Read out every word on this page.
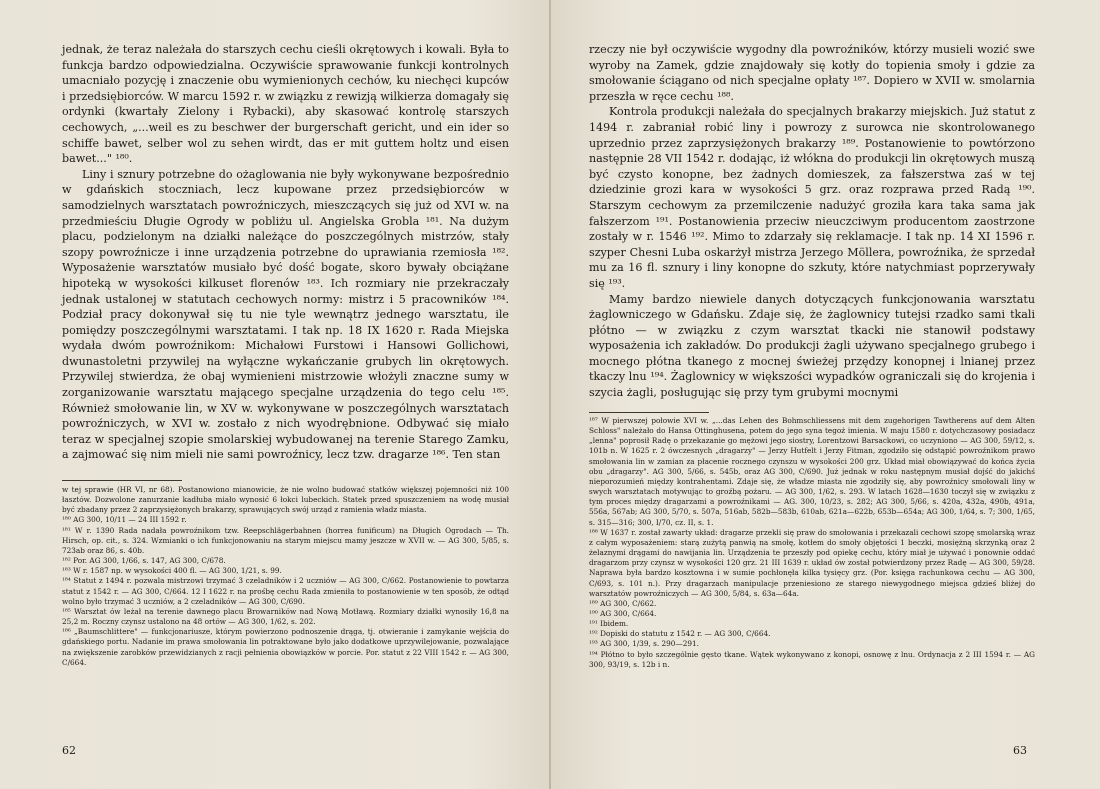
jednak, że teraz należała do starszych cechu cieśli okrętowych i kowali. Była to funkcja bardzo odpowiedzialna. Oczywiście sprawowanie funkcji kontrolnych umacniało pozycję i znaczenie obu wymienionych cechów, ku niechęci kupców i przedsiębiorców. W marcu 1592 r. w związku z rewizją wilkierza domagały się ordynki (kwartały Zielony i Rybacki), aby skasować kontrolę starszych cechowych, „...weil es zu beschwer der burgerschaft gericht, und ein ider so schiffe bawet, selber wol zu sehen wirdt, das er mit guttem holtz und eisen bawet..." ¹⁸⁰.

Liny i sznury potrzebne do ożaglowania nie były wykonywane bezpośrednio w gdańskich stoczniach, lecz kupowane przez przedsiębiorców w samodzielnych warsztatach powroźniczych, mieszczących się już od XVI w. na przedmieściu Długie Ogrody w pobliżu ul. Angielska Grobla ¹⁸¹. Na dużym placu, podzielonym na działki należące do poszczególnych mistrzów, stały szopy powroźnicze i inne urządzenia potrzebne do uprawiania rzemiosła ¹⁸². Wyposażenie warsztatów musiało być dość bogate, skoro bywały obciążane hipoteką w wysokości kilkuset florenów ¹⁸³. Ich rozmiary nie przekraczały jednak ustalonej w statutach cechowych normy: mistrz i 5 pracowników ¹⁸⁴. Podział pracy dokonywał się tu nie tyle wewnątrz jednego warsztatu, ile pomiędzy poszczególnymi warsztatami. I tak np. 18 IX 1620 r. Rada Miejska wydała dwóm powroźnikom: Michałowi Furstowi i Hansowi Gollichowi, dwunastoletni przywilej na wyłączne wykańczanie grubych lin okrętowych. Przywilej stwierdza, że obaj wymienieni mistrzowie włożyli znaczne sumy w zorganizowanie warsztatu mającego specjalne urządzenia do tego celu ¹⁸⁵. Również smołowanie lin, w XV w. wykonywane w poszczególnych warsztatach powroźniczych, w XVI w. zostało z nich wyodrębnione. Odbywać się miało teraz w specjalnej szopie smolarskiej wybudowanej na terenie Starego Zamku, a zajmować się nim mieli nie sami powroźnicy, lecz tzw. dragarze ¹⁸⁶. Ten stan

w tej sprawie (HR VI, nr 68). Postanowiono mianowicie, że nie wolno budować statków większej pojemności niż 100 łasztów. Dozwolone zanurzanie kadłuba miało wynosić 6 łokci lubeckich. Statek przed spuszczeniem na wodę musiał być zbadany przez 2 zaprzysiężonych brakarzy, sprawujących swój urząd z ramienia władz miasta.

¹⁸⁰ AG 300, 10/11 — 24 III 1592 r.

¹⁸¹ W r. 1390 Rada nadała powroźnikom tzw. Reepschlägerbahnen (horrea funificum) na Długich Ogrodach — Th. Hirsch, op. cit., s. 324. Wzmianki o ich funkcjonowaniu na starym miejscu mamy jeszcze w XVII w. — AG 300, 5/85, s. 723ab oraz 86, s. 40b.

¹⁸² Por. AG 300, 1/66, s. 147, AG 300, C/678.

¹⁸³ W r. 1587 np. w wysokości 400 fl. — AG 300, 1/21, s. 99.

¹⁸⁴ Statut z 1494 r. pozwala mistrzowi trzymać 3 czeladników i 2 uczniów — AG 300, C/662. Postanowienie to powtarza statut z 1542 r. — AG 300, C/664. 12 I 1622 r. na prośbę cechu Rada zmieniła to postanowienie w ten sposób, że odtąd wolno było trzymać 3 uczniów, a 2 czeladników — AG 300, C/690.

¹⁸⁵ Warsztat ów leżał na terenie dawnego placu Browarników nad Nową Motławą. Rozmiary działki wynosiły 16,8 na 25,2 m. Roczny czynsz ustalono na 48 ortów — AG 300, 1/62, s. 202.

¹⁸⁶ „Baumschlittere" — funkcjonariusze, którym powierzono podnoszenie drąga, tj. otwieranie i zamykanie wejścia do gdańskiego portu. Nadanie im prawa smołowania lin potraktowane było jako dodatkowe uprzywilejowanie, pozwalające na zwiększenie zarobków przewidzianych z racji pełnienia obowiązków w porcie. Por. statut z 22 VIII 1542 r. — AG 300, C/664.

62

rzeczy nie był oczywiście wygodny dla powroźników, którzy musieli wozić swe wyroby na Zamek, gdzie znajdowały się kotły do topienia smoły i gdzie za smołowanie ściągano od nich specjalne opłaty ¹⁸⁷. Dopiero w XVII w. smolarnia przeszła w ręce cechu ¹⁸⁸.

Kontrola produkcji należała do specjalnych brakarzy miejskich. Już statut z 1494 r. zabraniał robić liny i powrozy z surowca nie skontrolowanego uprzednio przez zaprzysiężonych brakarzy ¹⁸⁹. Postanowienie to powtórzono następnie 28 VII 1542 r. dodając, iż włókna do produkcji lin okrętowych muszą być czysto konopne, bez żadnych domieszek, za fałszerstwa zaś w tej dziedzinie grozi kara w wysokości 5 grz. oraz rozprawa przed Radą ¹⁹⁰. Starszym cechowym za przemilczenie nadużyć groziła kara taka sama jak fałszerzom ¹⁹¹. Postanowienia przeciw nieuczciwym producentom zaostrzone zostały w r. 1546 ¹⁹². Mimo to zdarzały się reklamacje. I tak np. 14 XI 1596 r. szyper Chesni Luba oskarżył mistrza Jerzego Möllera, powroźnika, że sprzedał mu za 16 fl. sznury i liny konopne do szkuty, które natychmiast poprzerywały się ¹⁹³.

Mamy bardzo niewiele danych dotyczących funkcjonowania warsztatu żaglowniczego w Gdańsku. Zdaje się, że żaglownicy tutejsi rzadko sami tkali płótno — w związku z czym warsztat tkacki nie stanowił podstawy wyposażenia ich zakładów. Do produkcji żagli używano specjalnego grubego i mocnego płótna tkanego z mocnej świeżej przędzy konopnej i lnianej przez tkaczy lnu ¹⁹⁴. Żaglownicy w większości wypadków ograniczali się do krojenia i szycia żagli, posługując się przy tym grubymi mocnymi

¹⁸⁷ W pierwszej połowie XVI w. „...das Lehen des Bohmschliessens mit dem zugehorigen Tawtherens auf dem Alten Schloss" należało do Hansa Ottinghusena, potem do jego syna tegoż imienia. W maju 1580 r. dotychczasowy posiadacz „lenna" poprosił Radę o przekazanie go mężowi jego siostry, Lorentzowi Barsackowi, co uczyniono — AG 300, 59/12, s. 101b n. W 1625 r. 2 ówczesnych „dragarzy" — Jerzy Hutfelt i Jerzy Fitman, zgodziło się odstąpić powroźnikom prawo smołowania lin w zamian za płacenie rocznego czynszu w wysokości 200 grz. Układ miał obowiązywać do końca życia obu „dragarzy". AG 300, 5/66, s. 545b, oraz AG 300, C/690. Już jednak w roku następnym musiał dojść do jakichś nieporozumień między kontrahentami. Zdaje się, że władze miasta nie zgodziły się, aby powroźnicy smołowali liny w swych warsztatach motywując to groźbą pożaru. — AG 300, 1/62, s. 293. W latach 1628—1630 toczył się w związku z tym proces między dragarzami a powroźnikami — AG. 300, 10/23, s. 282; AG 300, 5/66, s. 420a, 432a, 490b, 491a, 556a, 567ab; AG 300, 5/70, s. 507a, 516ab, 582b—583b, 610ab, 621a—622b, 653b—654a; AG 300, 1/64, s. 7; 300, 1/65, s. 315—316; 300, I/70, cz. II, s. 1.

¹⁸⁸ W 1637 r. został zawarty układ: dragarze przekli się praw do smołowania i przekazali cechowi szopę smolarską wraz z całym wyposażeniem: starą zużytą panwią na smołę, kotłem do smoły objętości 1 beczki, mosiężną skrzynką oraz 2 żelaznymi drągami do nawijania lin. Urządzenia te przeszły pod opiekę cechu, który miał je używać i ponownie oddać dragarzom przy czynsz w wysokości 120 grz. 21 III 1639 r. układ ów został potwierdzony przez Radę — AG 300, 59/28. Naprawa była bardzo kosztowna i w sumie pochłonęła kilka tysięcy grz. (Por. księga rachunkowa cechu — AG 300, C/693, s. 101 n.). Przy dragarzach manipulacje przeniesiono ze starego niewygodnego miejsca gdzieś bliżej do warsztatów powroźniczych — AG 300, 5/84, s. 63a—64a.

¹⁸⁹ AG 300, C/662.

¹⁹⁰ AG 300, C/664.

¹⁹¹ Ibidem.

¹⁹² Dopiski do statutu z 1542 r. — AG 300, C/664.

¹⁹³ AG 300, 1/39, s. 290—291.

¹⁹⁴ Płótno to było szczególnie gęsto tkane. Wątek wykonywano z konopi, osnowę z lnu. Ordynacja z 2 III 1594 r. — AG 300, 93/19, s. 12b i n.

63
